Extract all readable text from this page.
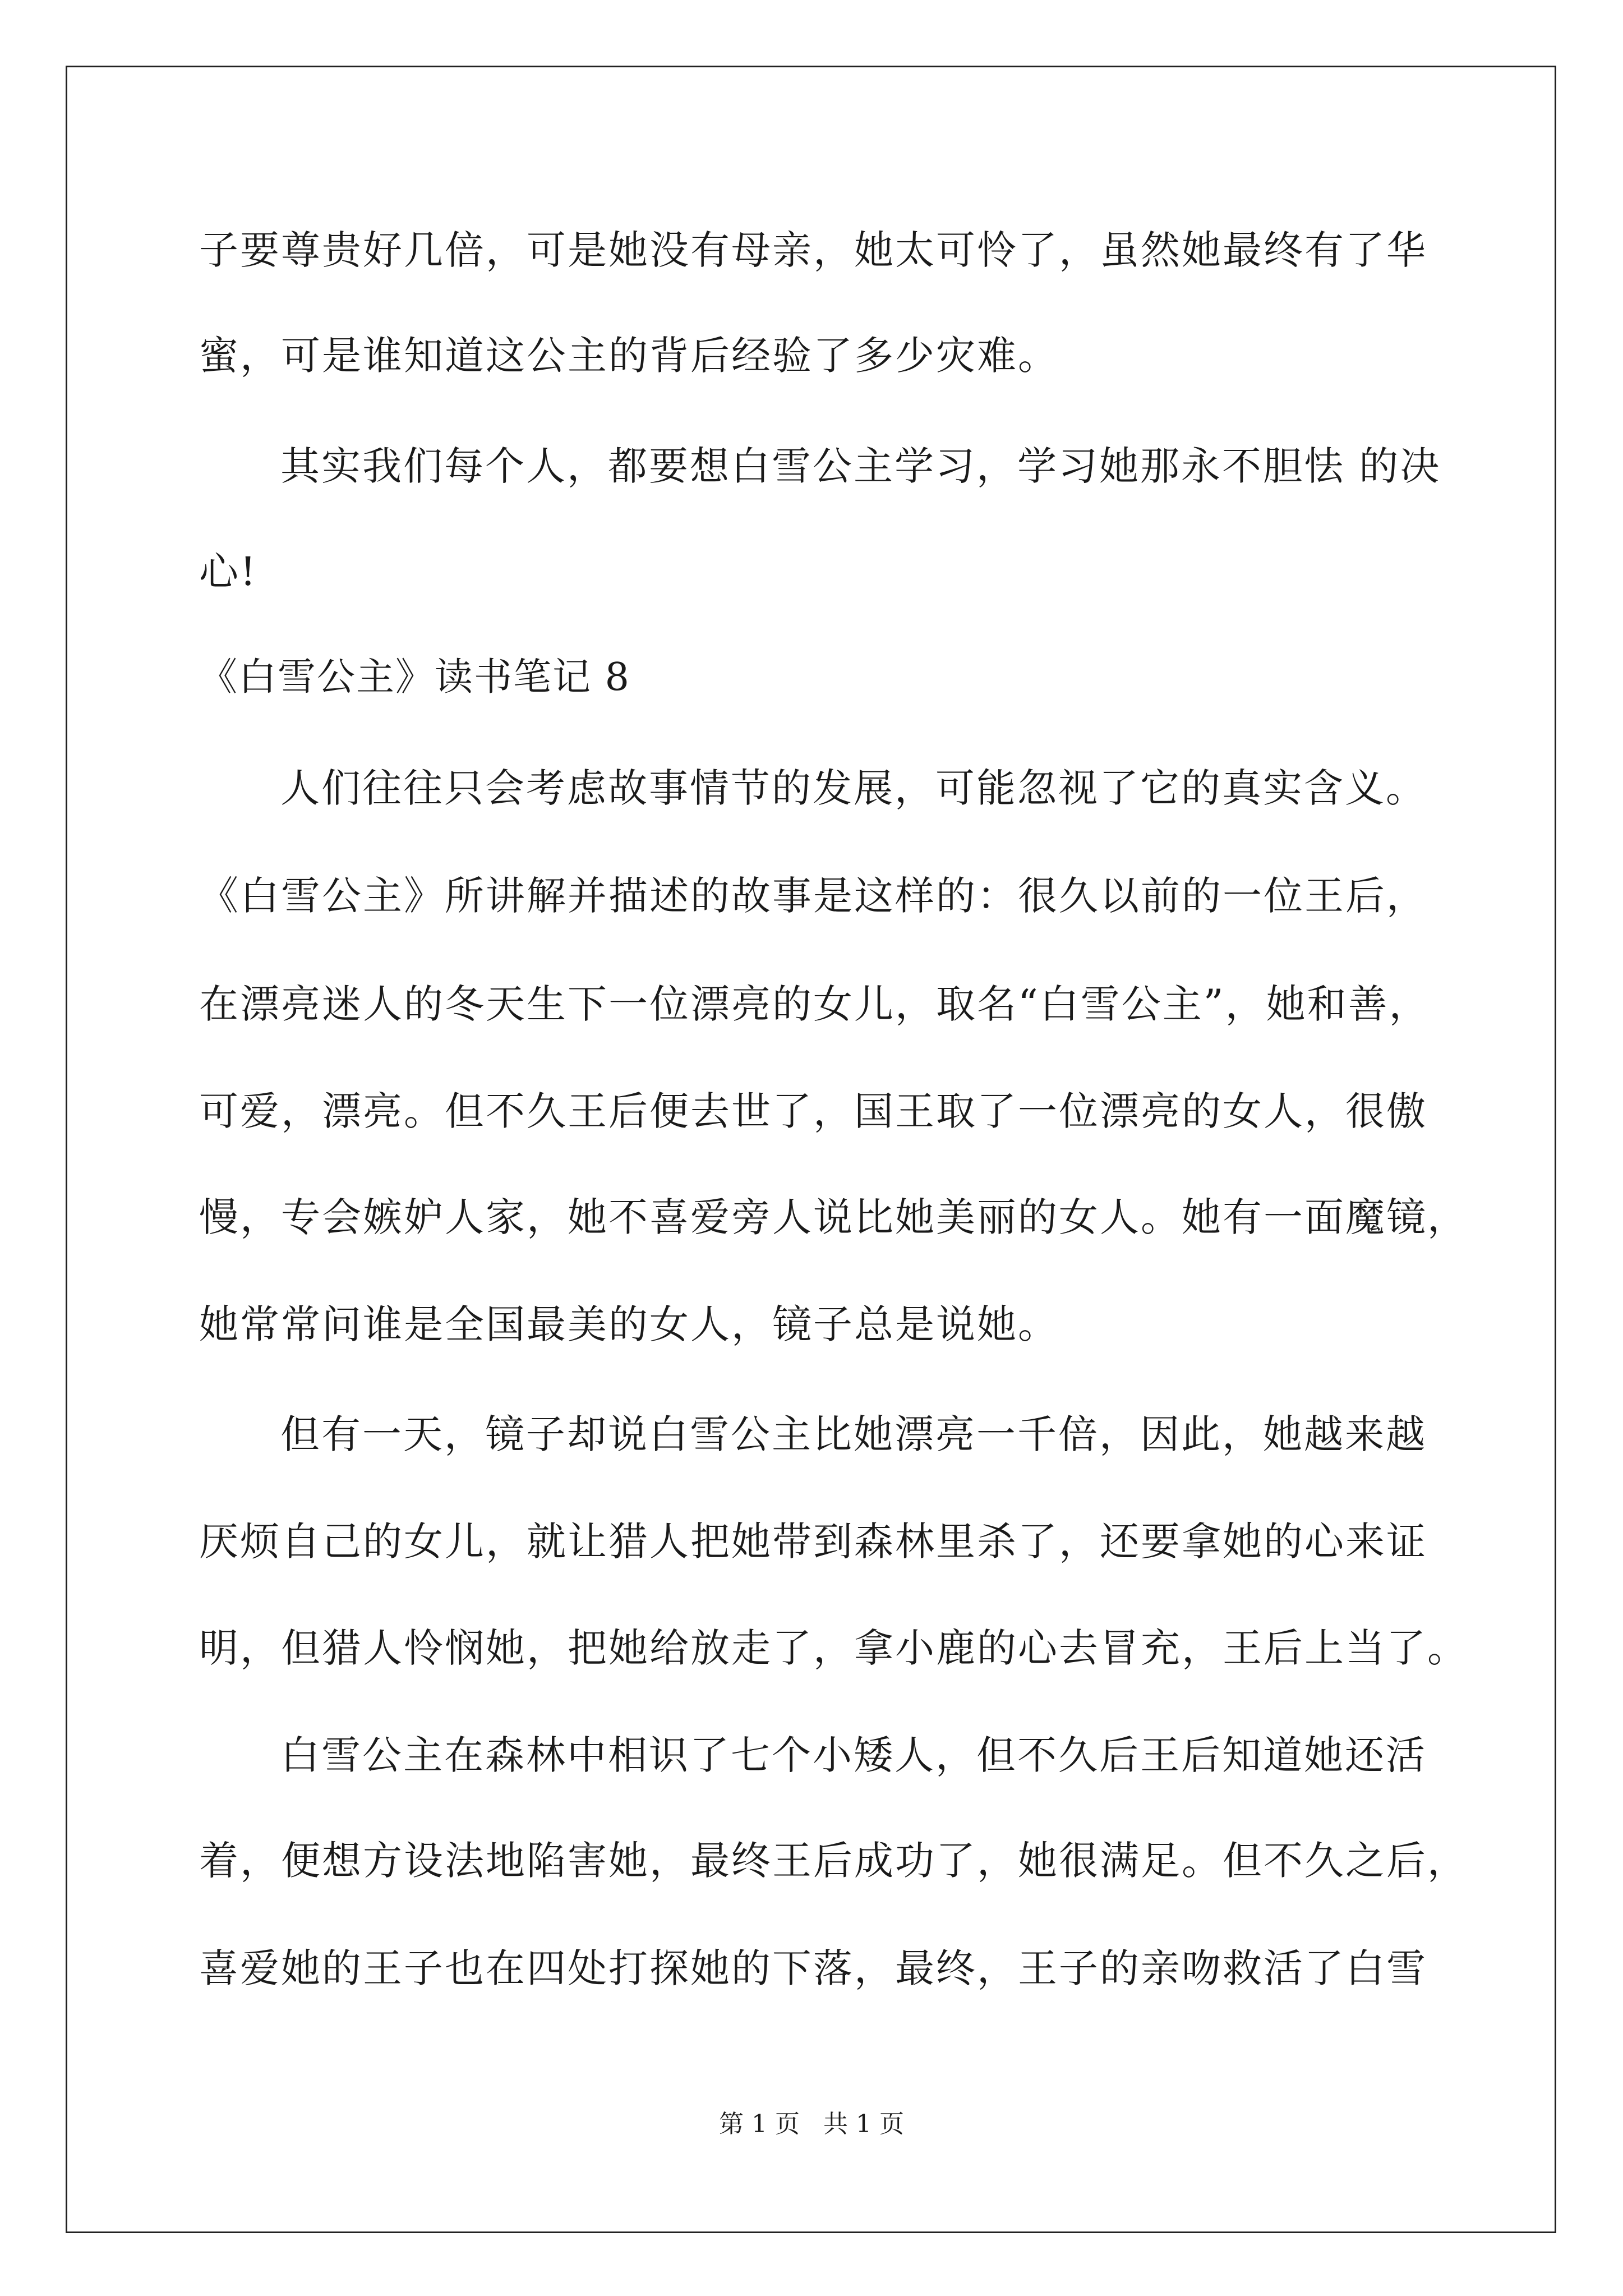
子要尊贵好几倍，可是她没有母亲，她太可怜了，虽然她最终有了华
蜜，可是谁知道这公主的背后经验了多少灾难。
其实我们每个人，都要想白雪公主学习，学习她那永不胆怯 的决
心!
《白雪公主》读书笔记 8
人们往往只会考虑故事情节的发展，可能忽视了它的真实含义。
《白雪公主》所讲解并描述的故事是这样的：很久以前的一位王后，
在漂亮迷人的冬天生下一位漂亮的女儿，取名“白雪公主”，她和善，
可爱，漂亮。但不久王后便去世了，国王取了一位漂亮的女人，很傲
慢，专会嫉妒人家，她不喜爱旁人说比她美丽的女人。她有一面魔镜，
她常常问谁是全国最美的女人，镜子总是说她。
但有一天，镜子却说白雪公主比她漂亮一千倍，因此，她越来越
厌烦自己的女儿，就让猎人把她带到森林里杀了，还要拿她的心来证
明，但猎人怜悯她，把她给放走了，拿小鹿的心去冒充，王后上当了。
白雪公主在森林中相识了七个小矮人，但不久后王后知道她还活
着，便想方设法地陷害她，最终王后成功了，她很满足。但不久之后，
喜爱她的王子也在四处打探她的下落，最终，王子的亲吻救活了白雪
第 1 页   共 1 页
